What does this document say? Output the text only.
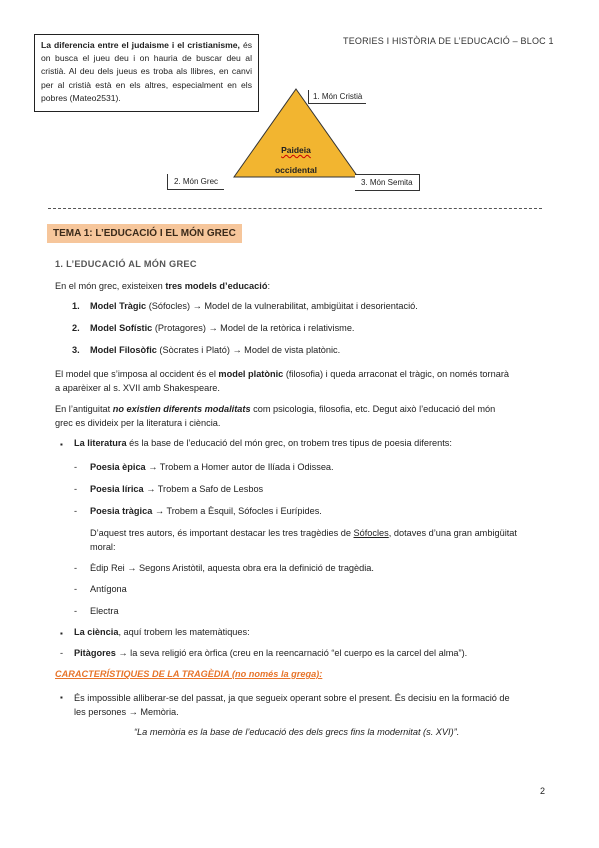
TEORIES I HISTÒRIA DE L’EDUCACIÓ – BLOC 1
La diferencia entre el judaisme i el cristianisme, és on busca el jueu deu i on hauria de buscar deu al cristià. Al deu dels jueus es troba als llibres, en canvi per al cristià està en els altres, especialment en els pobres (Mateo2531).
Paideia
occidental
1. Món Cristià
2. Món Grec	3. Món Semita
TEMA 1: L’EDUCACIÓ I EL MÓN GREC
1. L’EDUCACIÓ AL MÓN GREC
En el món grec, existeixen tres models d’educació:
1. Model Tràgic (Sófocles) → Model de la vulnerabilitat, ambigüitat i desorientació.
2. Model Sofístic (Protagores) → Model de la retòrica i relativisme.
3. Model Filosòfic (Sòcrates i Plató) → Model de vista platònic.
El model que s’imposa al occident és el model platònic (filosofia) i queda arraconat el tràgic, on només tornarà
a aparèixer al s. XVII amb Shakespeare.
En l’antiguitat no existien diferents modalitats com psicologia, filosofia, etc. Degut això l’educació del món
grec es divideix per la literatura i ciència.
▪ La literatura és la base de l’educació del món grec, on trobem tres tipus de poesia diferents:
- Poesia èpica → Trobem a Homer autor de Ilíada i Odissea.
- Poesia lírica → Trobem a Safo de Lesbos
- Poesia tràgica → Trobem a Èsquil, Sófocles i Eurípides.
D’aquest tres autors, és important destacar les tres tragèdies de Sófocles, dotaves d’una gran ambigüitat
moral:
- Èdip Rei → Segons Aristòtil, aquesta obra era la definició de tragèdia.
- Antígona
- Electra
▪ La ciència, aquí trobem les matemàtiques:
- Pitàgores → la seva religió era òrfica (creu en la reencarnació “el cuerpo es la carcel del alma”).
CARACTERÍSTIQUES DE LA TRAGÈDIA (no només la grega):
▪ És impossible alliberar-se del passat, ja que segueix operant sobre el present. És decisiu en la formació de
les persones → Memòria.
“La memòria es la base de l’educació des dels grecs fins la modernitat (s. XVI)”.
2
